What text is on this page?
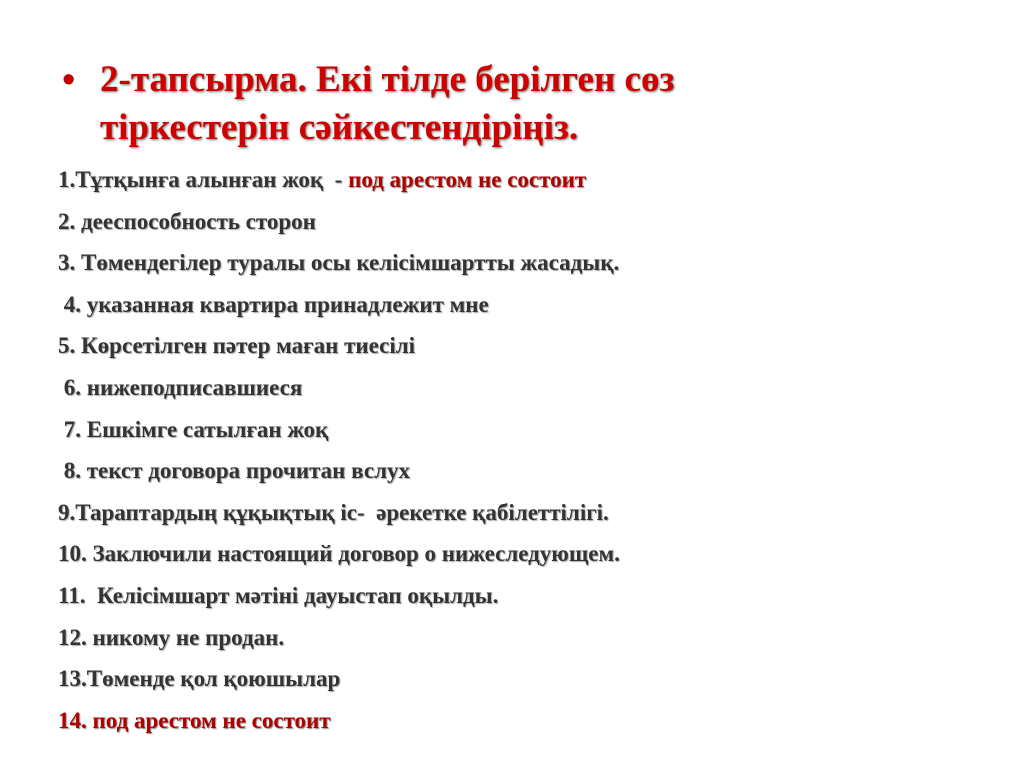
• 2-тапсырма. Екі тілде берілген сөз
тіркестерін сәйкестендіріңіз.
1.Тұтқынға алынған жоқ  - под арестом не состоит
2. дееспособность сторон
3. Төмендегілер туралы осы келісімшартты жасадық.
4. указанная квартира принадлежит мне
5. Көрсетілген пәтер маған тиесілі
6. нижеподписавшиеся
7. Ешкімге сатылған жоқ
8. текст договора прочитан вслух
9.Тараптардың құқықтық іс-  әрекетке қабілеттілігі.
10. Заключили настоящий договор о нижеследующем.
11.  Келісімшарт мәтіні дауыстап оқылды.
12. никому не продан.
13.Төменде қол қоюшылар
14. под арестом не состоит
